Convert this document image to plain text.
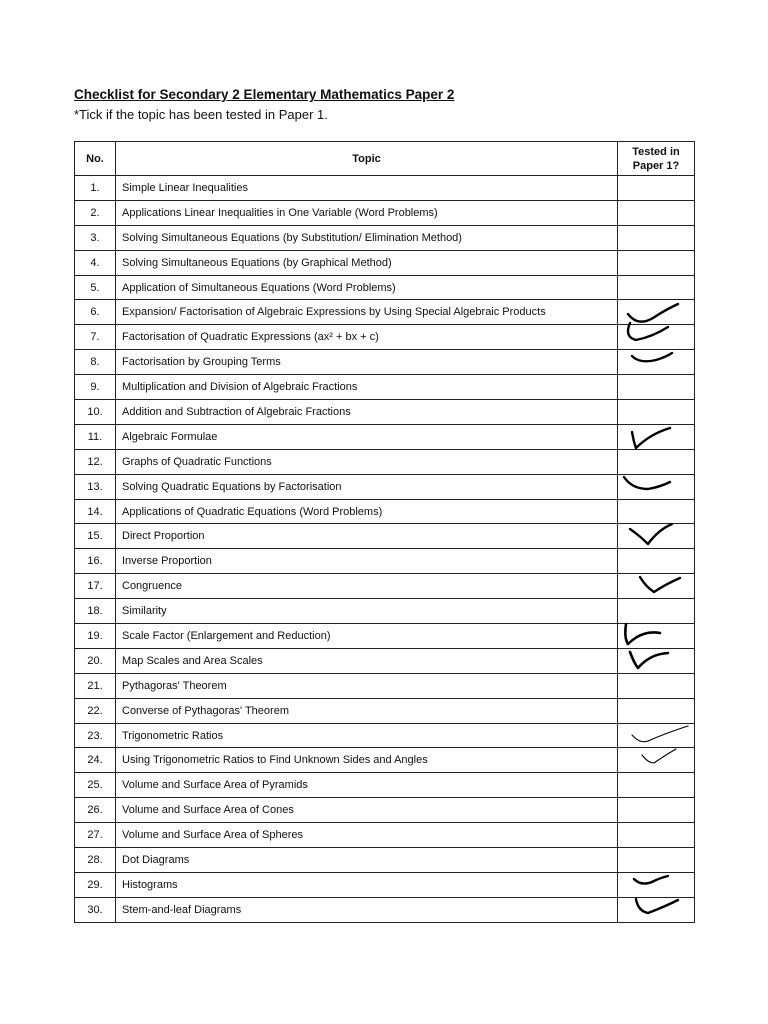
Checklist for Secondary 2 Elementary Mathematics Paper 2
*Tick if the topic has been tested in Paper 1.
No.	Topic	Tested in
Paper 1?
1.	Simple Linear Inequalities	
2.	Applications Linear Inequalities in One Variable (Word Problems)	
3.	Solving Simultaneous Equations (by Substitution/ Elimination Method)	
4.	Solving Simultaneous Equations (by Graphical Method)	
5.	Application of Simultaneous Equations (Word Problems)	
6.	Expansion/ Factorisation of Algebraic Expressions by Using Special Algebraic Products	

7.	Factorisation of Quadratic Expressions (ax² + bx + c)	

8.	Factorisation by Grouping Terms	

9.	Multiplication and Division of Algebraic Fractions	
10.	Addition and Subtraction of Algebraic Fractions	
11.	Algebraic Formulae	

12.	Graphs of Quadratic Functions	
13.	Solving Quadratic Equations by Factorisation	

14.	Applications of Quadratic Equations (Word Problems)	
15.	Direct Proportion	

16.	Inverse Proportion	
17.	Congruence	

18.	Similarity	
19.	Scale Factor (Enlargement and Reduction)	

20.	Map Scales and Area Scales	

21.	Pythagoras' Theorem	
22.	Converse of Pythagoras' Theorem	
23.	Trigonometric Ratios	

24.	Using Trigonometric Ratios to Find Unknown Sides and Angles	

25.	Volume and Surface Area of Pyramids	
26.	Volume and Surface Area of Cones	
27.	Volume and Surface Area of Spheres	
28.	Dot Diagrams	
29.	Histograms	

30.	Stem-and-leaf Diagrams	
